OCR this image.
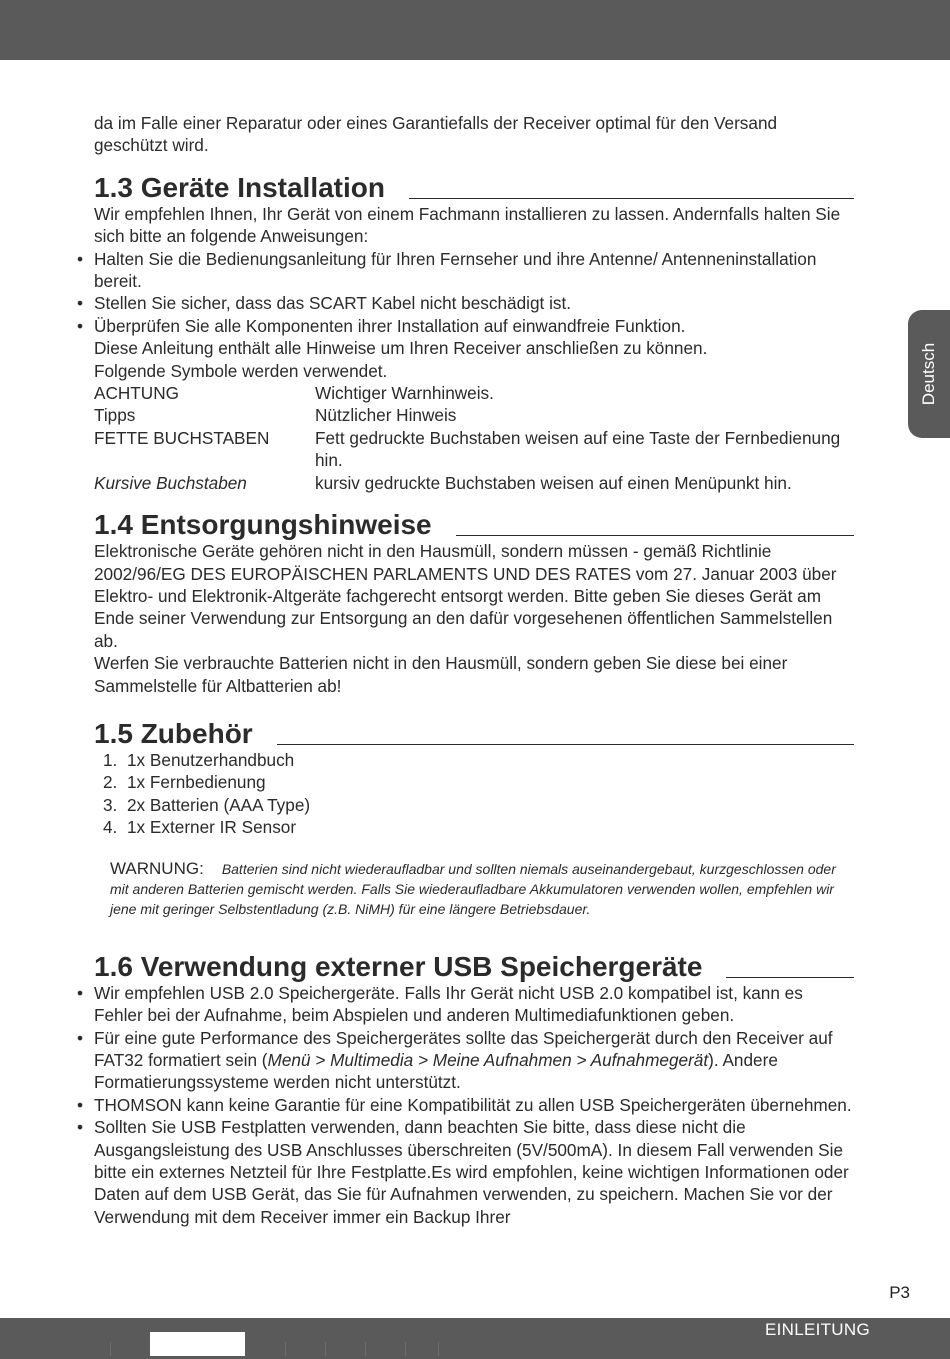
Deutsch

da im Falle einer Reparatur oder eines Garantiefalls der Receiver optimal für den Versand geschützt wird.

1.3 Geräte Installation

Wir empfehlen Ihnen, Ihr Gerät von einem Fachmann installieren zu lassen. Andernfalls halten Sie sich bitte an folgende Anweisungen:

• Halten Sie die Bedienungsanleitung für Ihren Fernseher und ihre Antenne/ Antenneninstallation bereit.
• Stellen Sie sicher, dass das SCART Kabel nicht beschädigt ist.
• Überprüfen Sie alle Komponenten ihrer Installation auf einwandfreie Funktion.

Diese Anleitung enthält alle Hinweise um Ihren Receiver anschließen zu können.

Folgende Symbole werden verwendet.

ACHTUNG	Wichtiger Warnhinweis.
Tipps	Nützlicher Hinweis
FETTE BUCHSTABEN	Fett gedruckte Buchstaben weisen auf eine Taste der Fernbedienung hin.
Kursive Buchstaben	kursiv gedruckte Buchstaben weisen auf einen Menüpunkt hin.
1.4 Entsorgungshinweise

Elektronische Geräte gehören nicht in den Hausmüll, sondern müssen - gemäß Richtlinie 2002/96/EG DES EUROPÄISCHEN PARLAMENTS UND DES RATES vom 27. Januar 2003 über Elektro- und Elektronik-Altgeräte fachgerecht entsorgt werden. Bitte geben Sie dieses Gerät am Ende seiner Verwendung zur Entsorgung an den dafür vorgesehenen öffentlichen Sammelstellen ab.

Werfen Sie verbrauchte Batterien nicht in den Hausmüll, sondern geben Sie diese bei einer Sammelstelle für Altbatterien ab!

1.5 Zubehör
1. 1x Benutzerhandbuch
2. 1x Fernbedienung
3. 2x Batterien (AAA Type)
4. 1x Externer IR Sensor

WARNUNG: Batterien sind nicht wiederaufladbar und sollten niemals auseinandergebaut, kurzgeschlossen oder mit anderen Batterien gemischt werden. Falls Sie wiederaufladbare Akkumulatoren verwenden wollen, empfehlen wir jene mit geringer Selbstentladung (z.B. NiMH) für eine längere Betriebsdauer.

1.6 Verwendung externer USB Speichergeräte
• Wir empfehlen USB 2.0 Speichergeräte. Falls Ihr Gerät nicht USB 2.0 kompatibel ist, kann es Fehler bei der Aufnahme, beim Abspielen und anderen Multimediafunktionen geben.
• Für eine gute Performance des Speichergerätes sollte das Speichergerät durch den Receiver auf FAT32 formatiert sein (Menü > Multimedia > Meine Aufnahmen > Aufnahmegerät). Andere Formatierungssysteme werden nicht unterstützt.
• THOMSON kann keine Garantie für eine Kompatibilität zu allen USB Speichergeräten übernehmen.
• Sollten Sie USB Festplatten verwenden, dann beachten Sie bitte, dass diese nicht die Ausgangsleistung des USB Anschlusses überschreiten (5V/500mA). In diesem Fall verwenden Sie bitte ein externes Netzteil für Ihre Festplatte.Es wird empfohlen, keine wichtigen Informationen oder Daten auf dem USB Gerät, das Sie für Aufnahmen verwenden, zu speichern. Machen Sie vor der Verwendung mit dem Receiver immer ein Backup Ihrer
P3
EINLEITUNG
